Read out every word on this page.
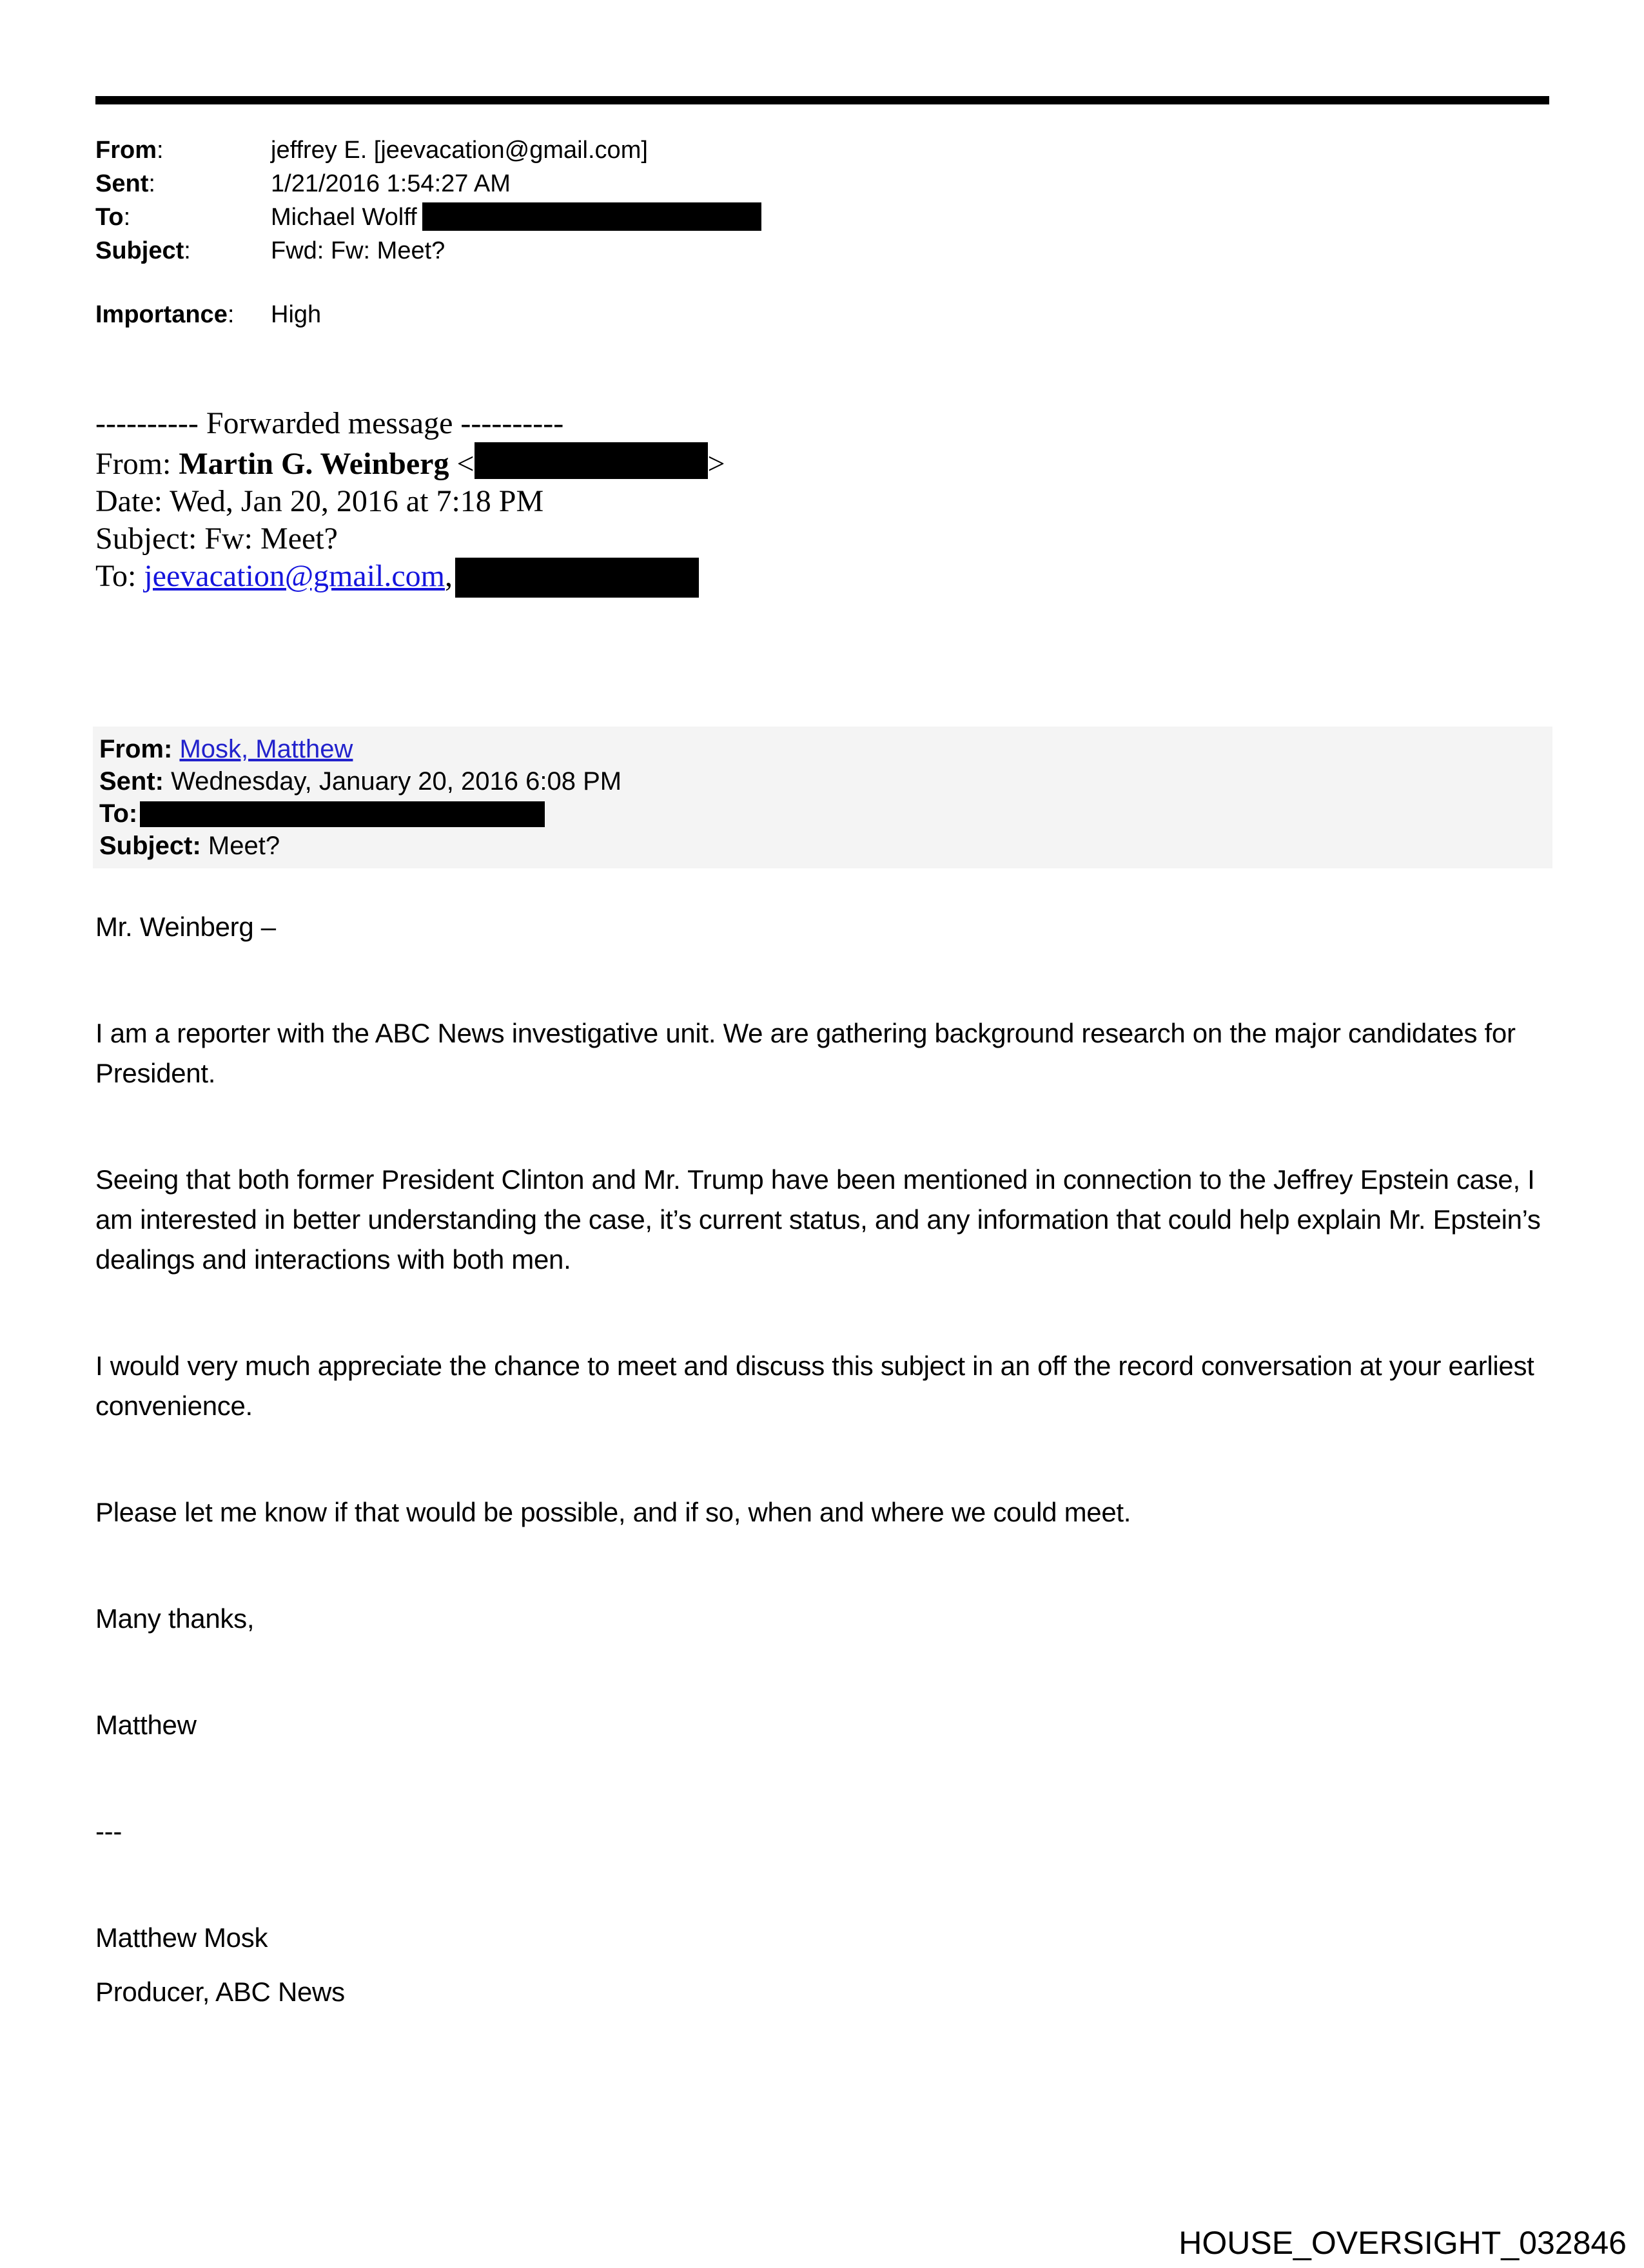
From:	jeffrey E. [jeevacation@gmail.com]
Sent:	1/21/2016 1:54:27 AM
To:	Michael Wolff
Subject:	Fwd: Fw: Meet?
Importance:	High
---------- Forwarded message ----------
From: Martin G. Weinberg <	>
Date: Wed, Jan 20, 2016 at 7:18 PM
Subject: Fw: Meet?
To: jeevacation@gmail.com,
From: Mosk, Matthew
Sent: Wednesday, January 20, 2016 6:08 PM
To:
Subject: Meet?

Mr. Weinberg –

I am a reporter with the ABC News investigative unit. We are gathering background research on the major candidates for President.

Seeing that both former President Clinton and Mr. Trump have been mentioned in connection to the Jeffrey Epstein case, I am interested in better understanding the case, it’s current status, and any information that could help explain Mr. Epstein’s dealings and interactions with both men.

I would very much appreciate the chance to meet and discuss this subject in an off the record conversation at your earliest convenience.

Please let me know if that would be possible, and if so, when and where we could meet.

Many thanks,

Matthew

---

Matthew Mosk

Producer, ABC News

HOUSE_OVERSIGHT_032846
